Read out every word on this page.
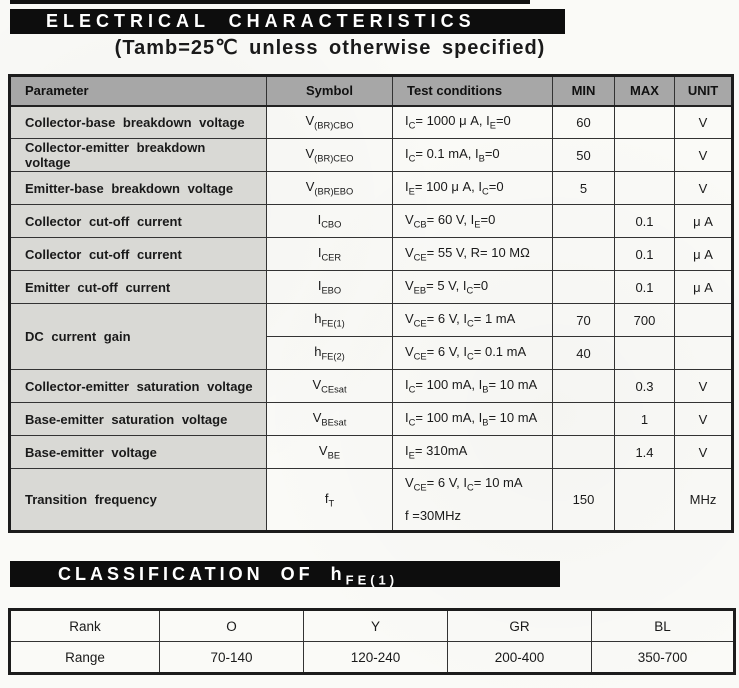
ELECTRICAL CHARACTERISTICS
(Tamb=25℃ unless otherwise specified)
Parameter	Symbol	Test conditions	MIN	MAX	UNIT
Collector-base breakdown voltage	$V_{(BR)CBO}$	$I_C= 1000$ μ A, $I_E=0$	60		V
Collector-emitter breakdown voltage	$V_{(BR)CEO}$	$I_C= 0.1$ mA, $I_B=0$	50		V
Emitter-base breakdown voltage	$V_{(BR)EBO}$	$I_E= 100$ μ A, $I_C=0$	5		V
Collector cut-off current	$I_{CBO}$	$V_{CB}= 60$ V, $I_E=0$		0.1	μ A
Collector cut-off current	$I_{CER}$	$V_{CE}= 55$ V, R= 10 MΩ		0.1	μ A
Emitter cut-off current	$I_{EBO}$	$V_{EB}= 5$ V, $I_C=0$		0.1	μ A
DC current gain	$h_{FE(1)}$	$V_{CE}= 6$ V, $I_C= 1$ mA	70	700	
	$h_{FE(2)}$	$V_{CE}= 6$ V, $I_C= 0.1$ mA	40		
Collector-emitter saturation voltage	$V_{CEsat}$	$I_C= 100$ mA, $I_B= 10$ mA		0.3	V
Base-emitter saturation voltage	$V_{BEsat}$	$I_C= 100$ mA, $I_B= 10$ mA		1	V
Base-emitter voltage	$V_{BE}$	$I_E= 310mA$		1.4	V
Transition frequency	$f_T$	$V_{CE}= 6$ V, $I_C= 10$ mA
f =30MHz	150		MHz
CLASSIFICATION OF $h_{FE(1)}$
Rank	O	Y	GR	BL
Range	70-140	120-240	200-400	350-700
